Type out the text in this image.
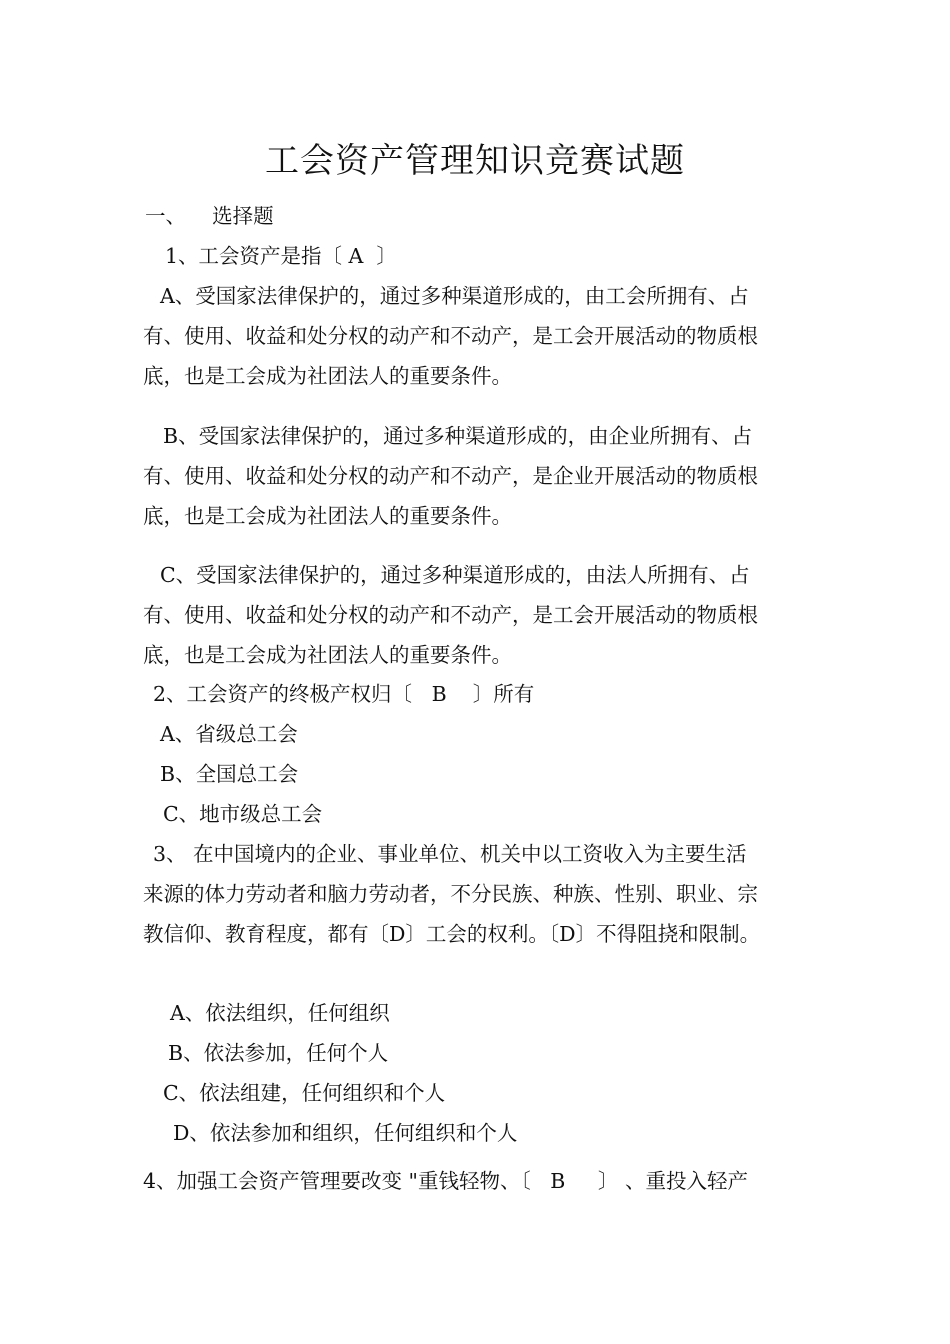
工会资产管理知识竞赛试题
一、    选择题
1、工会资产是指〔 A  〕
A、受国家法律保护的，通过多种渠道形成的，由工会所拥有、占
有、使用、收益和处分权的动产和不动产，是工会开展活动的物质根
底，也是工会成为社团法人的重要条件。
B、受国家法律保护的，通过多种渠道形成的，由企业所拥有、占
有、使用、收益和处分权的动产和不动产，是企业开展活动的物质根
底，也是工会成为社团法人的重要条件。
C、受国家法律保护的，通过多种渠道形成的，由法人所拥有、占
有、使用、收益和处分权的动产和不动产，是工会开展活动的物质根
底，也是工会成为社团法人的重要条件。
2、工会资产的终极产权归〔   B    〕所有
A、省级总工会
B、全国总工会
C、地市级总工会
3、 在中国境内的企业、事业单位、机关中以工资收入为主要生活
来源的体力劳动者和脑力劳动者，不分民族、种族、性别、职业、宗
教信仰、教育程度，都有〔D〕工会的权利。〔D〕不得阻挠和限制。
A、依法组织，任何组织
B、依法参加，任何个人
C、依法组建，任何组织和个人
D、依法参加和组织，任何组织和个人
4、加强工会资产管理要改变 "重钱轻物、〔   B     〕 、重投入轻产
